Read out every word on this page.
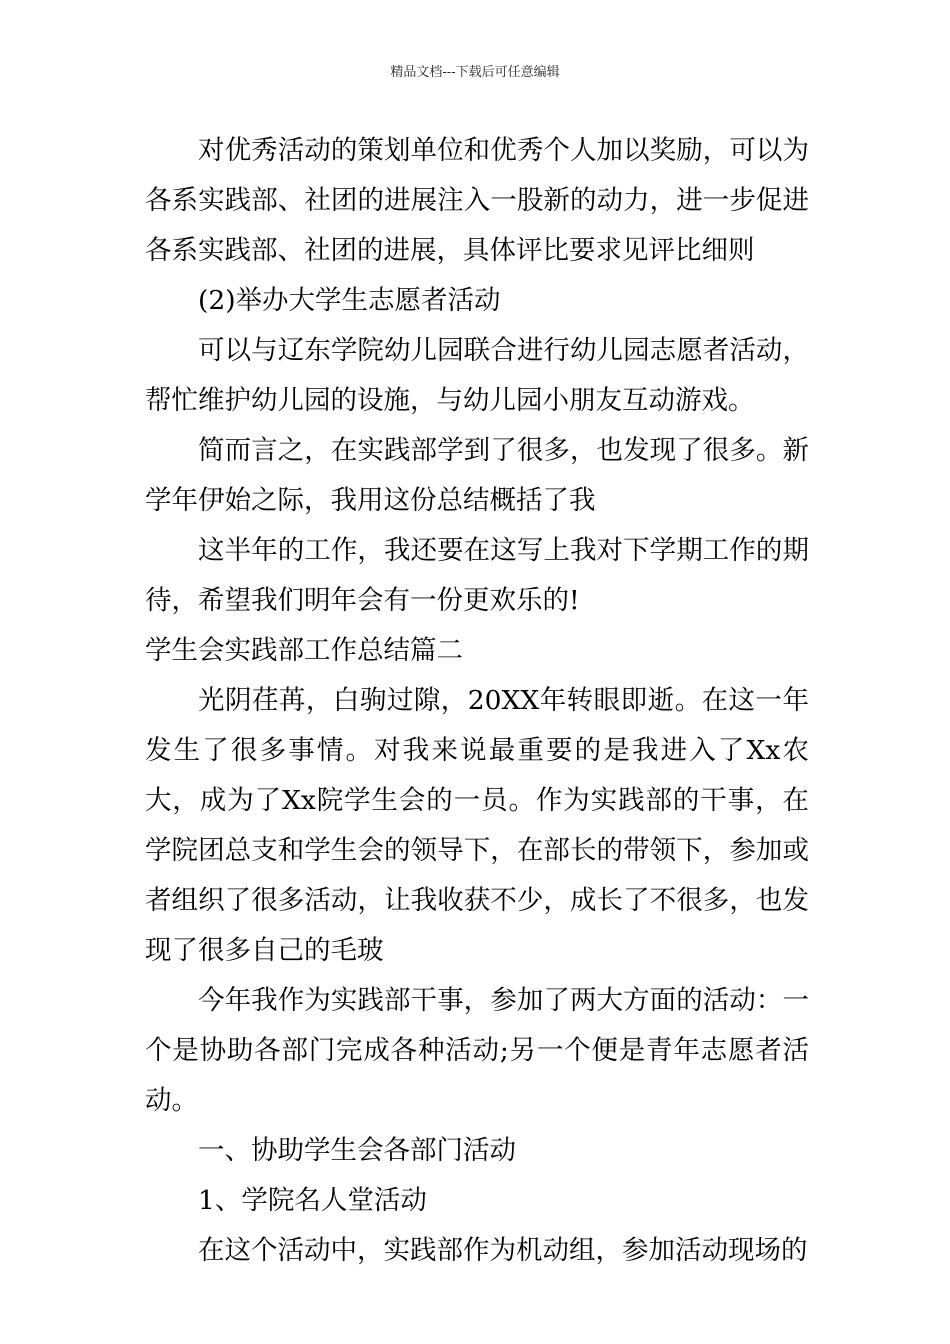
精品文档---下载后可任意编辑

对优秀活动的策划单位和优秀个人加以奖励，可以为各系实践部、社团的进展注入一股新的动力，进一步促进各系实践部、社团的进展，具体评比要求见评比细则

(2)举办大学生志愿者活动

可以与辽东学院幼儿园联合进行幼儿园志愿者活动，帮忙维护幼儿园的设施，与幼儿园小朋友互动游戏。

简而言之，在实践部学到了很多，也发现了很多。新学年伊始之际，我用这份总结概括了我

这半年的工作，我还要在这写上我对下学期工作的期待，希望我们明年会有一份更欢乐的!

学生会实践部工作总结篇二

光阴荏苒，白驹过隙，20XX年转眼即逝。在这一年发生了很多事情。对我来说最重要的是我进入了Xx农大，成为了Xx院学生会的一员。作为实践部的干事，在学院团总支和学生会的领导下，在部长的带领下，参加或者组织了很多活动，让我收获不少，成长了不很多，也发现了很多自己的毛玻

今年我作为实践部干事，参加了两大方面的活动：一个是协助各部门完成各种活动;另一个便是青年志愿者活动。

一、协助学生会各部门活动

1、学院名人堂活动

在这个活动中，实践部作为机动组，参加活动现场的
